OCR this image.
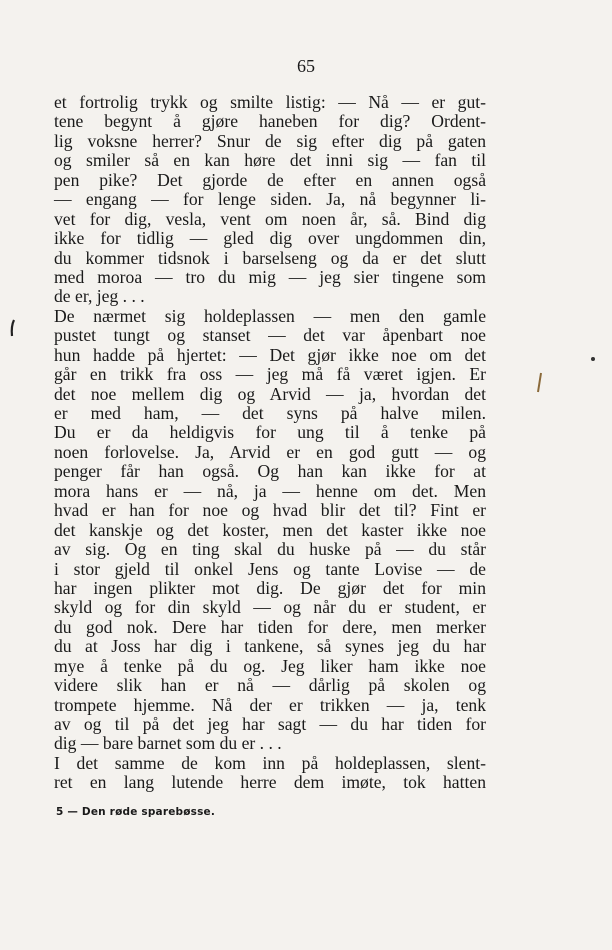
65
et fortrolig trykk og smilte listig: — Nå — er gut-
tene begynt å gjøre haneben for dig? Ordent-
lig voksne herrer? Snur de sig efter dig på gaten
og smiler så en kan høre det inni sig — fan til
pen pike? Det gjorde de efter en annen også
— engang — for lenge siden. Ja, nå begynner li-
vet for dig, vesla, vent om noen år, så. Bind dig
ikke for tidlig — gled dig over ungdommen din,
du kommer tidsnok i barselseng og da er det slutt
med moroa — tro du mig — jeg sier tingene som
de er, jeg . . .
De nærmet sig holdeplassen — men den gamle
pustet tungt og stanset — det var åpenbart noe
hun hadde på hjertet: — Det gjør ikke noe om det
går en trikk fra oss — jeg må få været igjen. Er
det noe mellem dig og Arvid — ja, hvordan det
er med ham, — det syns på halve milen.
Du er da heldigvis for ung til å tenke på
noen forlovelse. Ja, Arvid er en god gutt — og
penger får han også. Og han kan ikke for at
mora hans er — nå, ja — henne om det. Men
hvad er han for noe og hvad blir det til? Fint er
det kanskje og det koster, men det kaster ikke noe
av sig. Og en ting skal du huske på — du står
i stor gjeld til onkel Jens og tante Lovise — de
har ingen plikter mot dig. De gjør det for min
skyld og for din skyld — og når du er student, er
du god nok. Dere har tiden for dere, men merker
du at Joss har dig i tankene, så synes jeg du har
mye å tenke på du og. Jeg liker ham ikke noe
videre slik han er nå — dårlig på skolen og
trompete hjemme. Nå der er trikken — ja, tenk
av og til på det jeg har sagt — du har tiden for
dig — bare barnet som du er . . .
I det samme de kom inn på holdeplassen, slent-
ret en lang lutende herre dem imøte, tok hatten
5 — Den røde sparebøsse.
